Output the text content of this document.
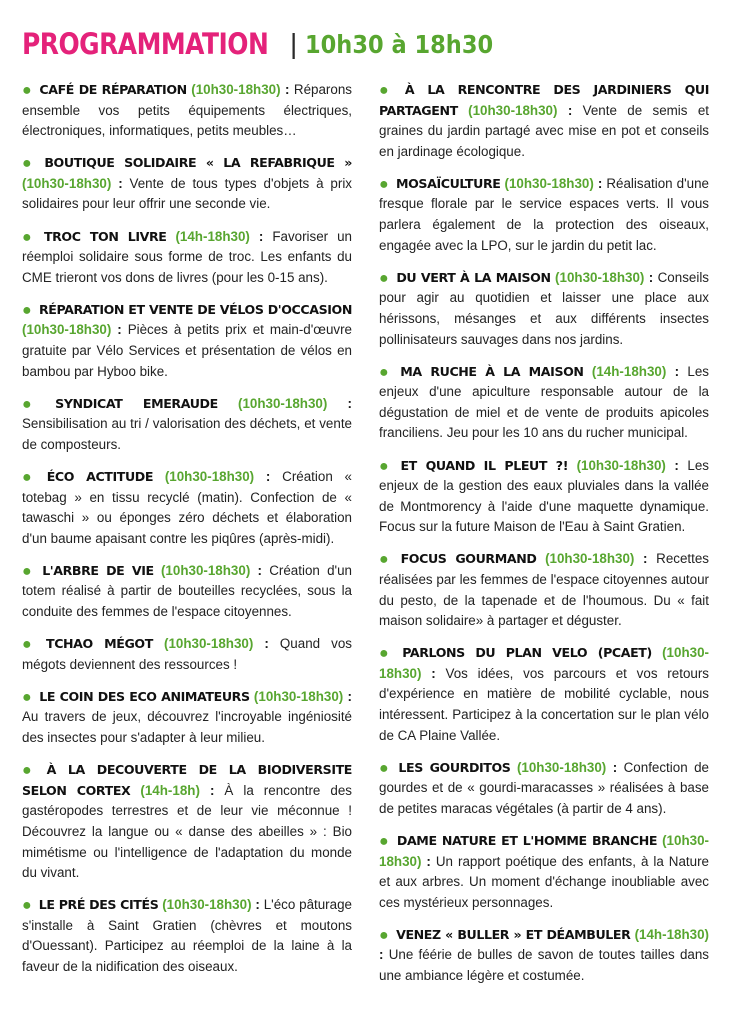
PROGRAMMATION | 10h30 à 18h30

● CAFÉ DE RÉPARATION (10h30-18h30) : Réparons ensemble vos petits équipements électriques, électroniques, informatiques, petits meubles…

● BOUTIQUE SOLIDAIRE « LA REFABRIQUE » (10h30-18h30) : Vente de tous types d'objets à prix solidaires pour leur offrir une seconde vie.

● TROC TON LIVRE (14h-18h30) : Favoriser un réemploi solidaire sous forme de troc. Les enfants du CME trieront vos dons de livres (pour les 0-15 ans).

● RÉPARATION ET VENTE DE VÉLOS D'OCCASION (10h30-18h30) : Pièces à petits prix et main-d'œuvre gratuite par Vélo Services et présentation de vélos en bambou par Hyboo bike.

● SYNDICAT EMERAUDE (10h30-18h30) : Sensibilisation au tri / valorisation des déchets, et vente de composteurs.

● ÉCO ACTITUDE (10h30-18h30) : Création « totebag » en tissu recyclé (matin). Confection de « tawaschi » ou éponges zéro déchets et élaboration d'un baume apaisant contre les piqûres (après-midi).

● L'ARBRE DE VIE (10h30-18h30) : Création d'un totem réalisé à partir de bouteilles recyclées, sous la conduite des femmes de l'espace citoyennes.

● TCHAO MÉGOT (10h30-18h30) : Quand vos mégots deviennent des ressources !

● LE COIN DES ECO ANIMATEURS (10h30-18h30) : Au travers de jeux, découvrez l'incroyable ingéniosité des insectes pour s'adapter à leur milieu.

● À LA DECOUVERTE DE LA BIODIVERSITE SELON CORTEX (14h-18h) : À la rencontre des gastéropodes terrestres et de leur vie méconnue ! Découvrez la langue ou « danse des abeilles » : Bio mimétisme ou l'intelligence de l'adaptation du monde du vivant.

● LE PRÉ DES CITÉS (10h30-18h30) : L'éco pâturage s'installe à Saint Gratien (chèvres et moutons d'Ouessant). Participez au réemploi de la laine à la faveur de la nidification des oiseaux.

● À LA RENCONTRE DES JARDINIERS QUI PARTAGENT (10h30-18h30) : Vente de semis et graines du jardin partagé avec mise en pot et conseils en jardinage écologique.

● MOSAÏCULTURE (10h30-18h30) : Réalisation d'une fresque florale par le service espaces verts. Il vous parlera également de la protection des oiseaux, engagée avec la LPO, sur le jardin du petit lac.

● DU VERT À LA MAISON (10h30-18h30) : Conseils pour agir au quotidien et laisser une place aux hérissons, mésanges et aux différents insectes pollinisateurs sauvages dans nos jardins.

● MA RUCHE À LA MAISON (14h-18h30) : Les enjeux d'une apiculture responsable autour de la dégustation de miel et de vente de produits apicoles franciliens. Jeu pour les 10 ans du rucher municipal.

● ET QUAND IL PLEUT ?! (10h30-18h30) : Les enjeux de la gestion des eaux pluviales dans la vallée de Montmorency à l'aide d'une maquette dynamique. Focus sur la future Maison de l'Eau à Saint Gratien.

● FOCUS GOURMAND (10h30-18h30) : Recettes réalisées par les femmes de l'espace citoyennes autour du pesto, de la tapenade et de l'houmous. Du « fait maison solidaire» à partager et déguster.

● PARLONS DU PLAN VELO (PCAET) (10h30-18h30) : Vos idées, vos parcours et vos retours d'expérience en matière de mobilité cyclable, nous intéressent. Participez à la concertation sur le plan vélo de CA Plaine Vallée.

● LES GOURDITOS (10h30-18h30) : Confection de gourdes et de « gourdi-maracasses » réalisées à base de petites maracas végétales (à partir de 4 ans).

● DAME NATURE ET L'HOMME BRANCHE (10h30-18h30) : Un rapport poétique des enfants, à la Nature et aux arbres. Un moment d'échange inoubliable avec ces mystérieux personnages.

● VENEZ « BULLER » ET DÉAMBULER (14h-18h30) : Une féérie de bulles de savon de toutes tailles dans une ambiance légère et costumée.
